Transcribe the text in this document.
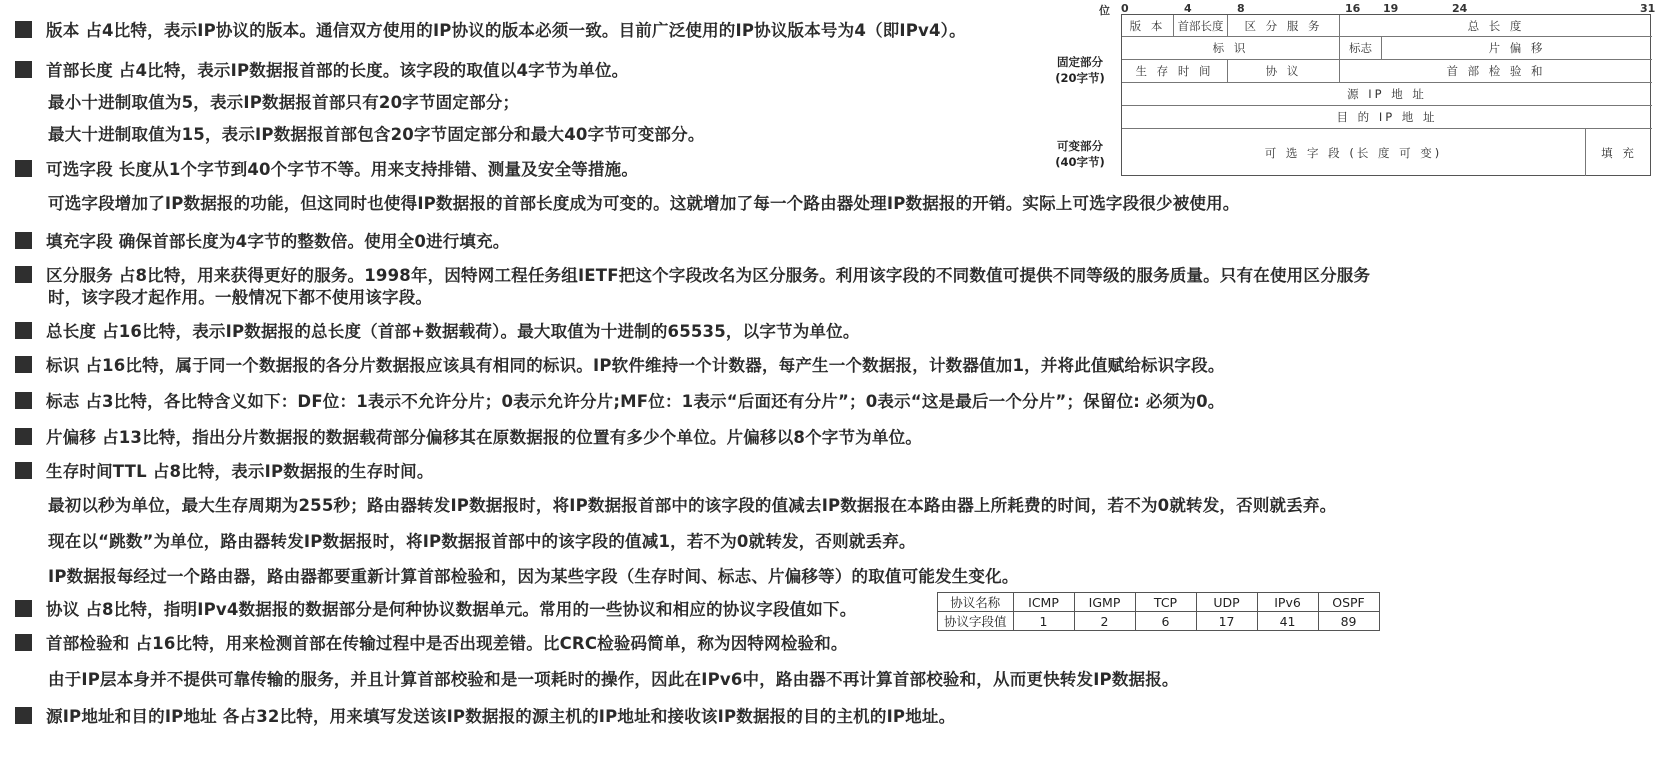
版本 占4比特，表示IP协议的版本。通信双方使用的IP协议的版本必须一致。目前广泛使用的IP协议版本号为4（即IPv4）。
首部长度 占4比特，表示IP数据报首部的长度。该字段的取值以4字节为单位。
最小十进制取值为5，表示IP数据报首部只有20字节固定部分；
最大十进制取值为15，表示IP数据报首部包含20字节固定部分和最大40字节可变部分。
可选字段 长度从1个字节到40个字节不等。用来支持排错、测量及安全等措施。
可选字段增加了IP数据报的功能，但这同时也使得IP数据报的首部长度成为可变的。这就增加了每一个路由器处理IP数据报的开销。实际上可选字段很少被使用。
填充字段 确保首部长度为4字节的整数倍。使用全0进行填充。
区分服务 占8比特，用来获得更好的服务。1998年，因特网工程任务组IETF把这个字段改名为区分服务。利用该字段的不同数值可提供不同等级的服务质量。只有在使用区分服务
时，该字段才起作用。一般情况下都不使用该字段。
总长度 占16比特，表示IP数据报的总长度（首部+数据载荷）。最大取值为十进制的65535，以字节为单位。
标识 占16比特，属于同一个数据报的各分片数据报应该具有相同的标识。IP软件维持一个计数器，每产生一个数据报，计数器值加1，并将此值赋给标识字段。
标志 占3比特，各比特含义如下：DF位：1表示不允许分片；0表示允许分片;MF位：1表示“后面还有分片”；0表示“这是最后一个分片”；保留位: 必须为0。
片偏移 占13比特，指出分片数据报的数据载荷部分偏移其在原数据报的位置有多少个单位。片偏移以8个字节为单位。
生存时间TTL 占8比特，表示IP数据报的生存时间。
最初以秒为单位，最大生存周期为255秒；路由器转发IP数据报时，将IP数据报首部中的该字段的值减去IP数据报在本路由器上所耗费的时间，若不为0就转发，否则就丢弃。
现在以“跳数”为单位，路由器转发IP数据报时，将IP数据报首部中的该字段的值减1，若不为0就转发，否则就丢弃。
IP数据报每经过一个路由器，路由器都要重新计算首部检验和，因为某些字段（生存时间、标志、片偏移等）的取值可能发生变化。
协议 占8比特，指明IPv4数据报的数据部分是何种协议数据单元。常用的一些协议和相应的协议字段值如下。
首部检验和 占16比特，用来检测首部在传输过程中是否出现差错。比CRC检验码简单，称为因特网检验和。
由于IP层本身并不提供可靠传输的服务，并且计算首部校验和是一项耗时的操作，因此在IPv6中，路由器不再计算首部校验和，从而更快转发IP数据报。
源IP地址和目的IP地址 各占32比特，用来填写发送该IP数据报的源主机的IP地址和接收该IP数据报的目的主机的IP地址。
位 0	4	8	16 19	24	31
固定部分
(20字节)
可变部分
(40字节)
版 本	首部长度	区 分 服 务	总 长 度
标 识	标志	片 偏 移
生 存 时 间	协 议	首 部 检 验 和
源 IP 地 址
目 的 IP 地 址
可 选 字 段 (长 度 可 变)	填 充
协议名称	ICMP	IGMP	TCP	UDP	IPv6	OSPF
协议字段值	1	2	6	17	41	89
